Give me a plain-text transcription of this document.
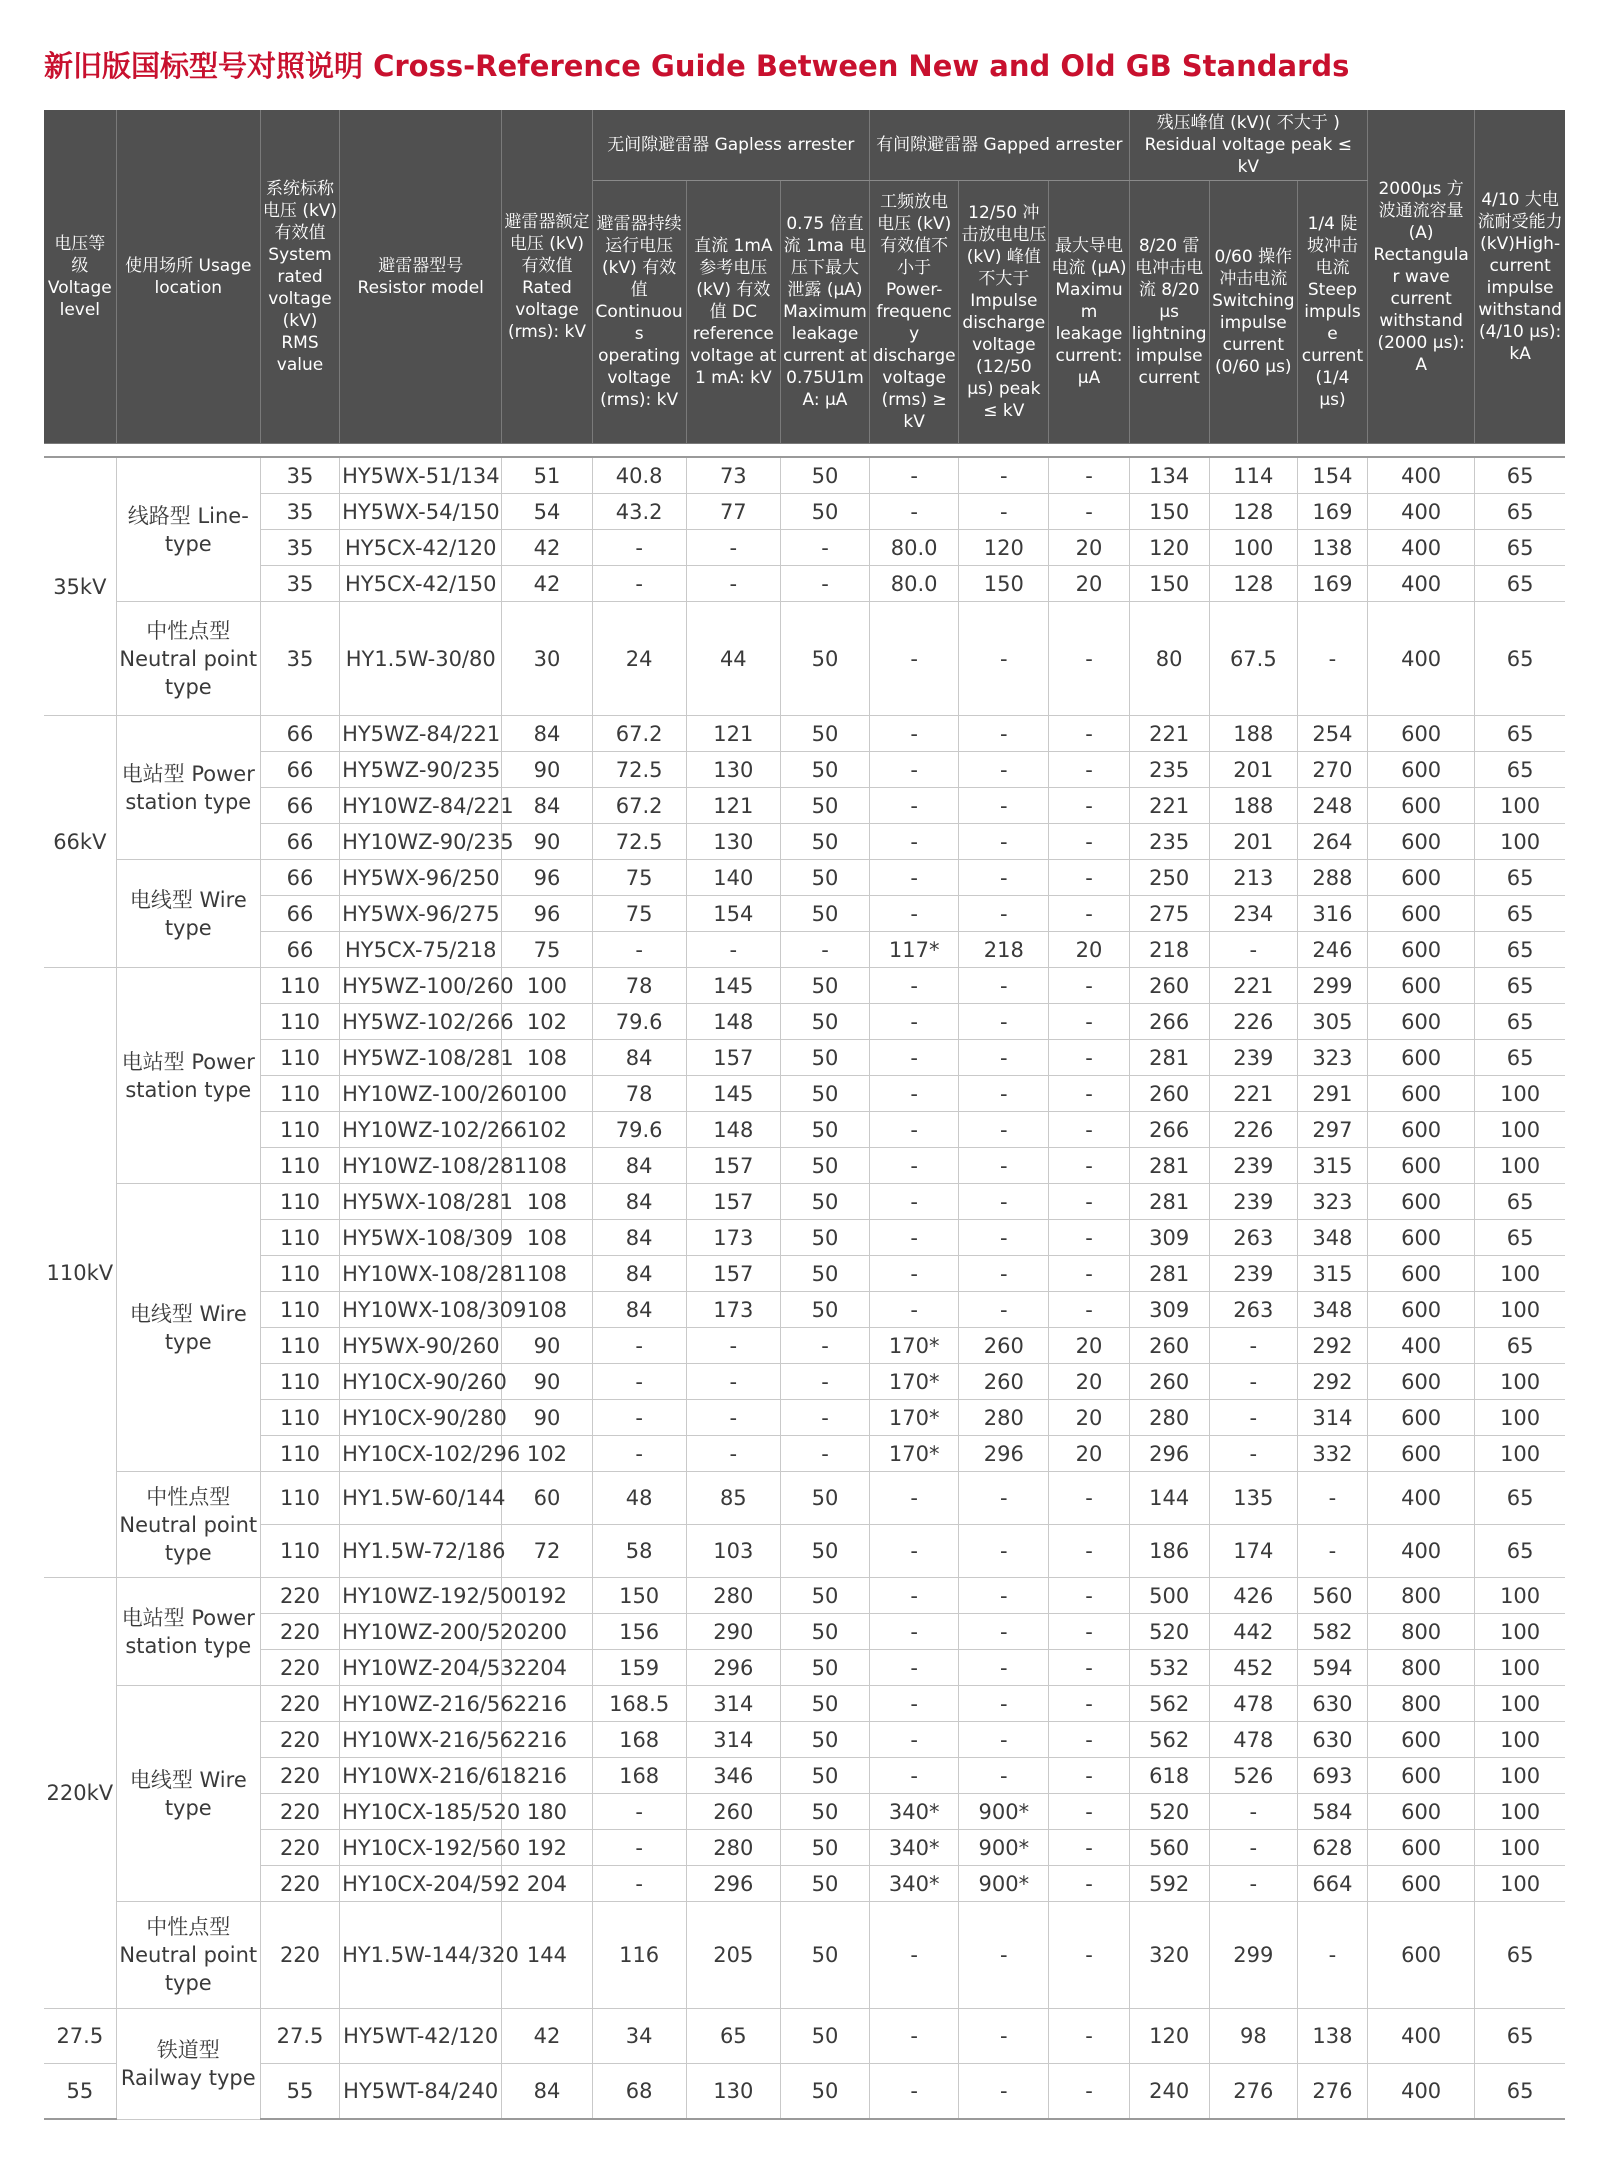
新旧版国标型号对照说明 Cross-Reference Guide Between New and Old GB Standards
电压等级 Voltage level	使用场所 Usage location	系统标称电压 (kV) 有效值 System rated voltage (kV) RMS value	避雷器型号 Resistor model	避雷器额定电压 (kV) 有效值 Rated voltage (rms): kV	无间隙避雷器 Gapless arrester			有间隙避雷器 Gapped arrester			残压峰值 (kV)( 不大于 ) Residual voltage peak ≤ kV			2000μs 方波通流容量 (A) Rectangular wave current withstand (2000 μs): A	4/10 大电流耐受能力 (kV)High-current impulse withstand (4/10 μs): kA
					避雷器持续运行电压 (kV) 有效值 Continuous operating voltage (rms): kV	直流 1mA 参考电压 (kV) 有效值 DC reference voltage at 1 mA: kV	0.75 倍直流 1ma 电压下最大泄露 (μA) Maximum leakage current at 0.75U1mA: μA	工频放电电压 (kV) 有效值不小于 Power-frequency discharge voltage (rms) ≥ kV	12/50 冲击放电电压 (kV) 峰值不大于 Impulse discharge voltage (12/50 μs) peak ≤ kV	最大导电电流 (μA) Maximum leakage current: μA	8/20 雷电冲击电流 8/20 μs lightning impulse current	0/60 操作冲击电流 Switching impulse current (0/60 μs)	1/4 陡坡冲击电流 Steep impulse current (1/4 μs)		

35kV	线路型 Line-type	35	HY5WX-51/134	51	40.8	73	50	-	-	-	134	114	154	400	65
		35	HY5WX-54/150	54	43.2	77	50	-	-	-	150	128	169	400	65
		35	HY5CX-42/120	42	-	-	-	80.0	120	20	120	100	138	400	65
		35	HY5CX-42/150	42	-	-	-	80.0	150	20	150	128	169	400	65
	中性点型 Neutral point type	35	HY1.5W-30/80	30	24	44	50	-	-	-	80	67.5	-	400	65
66kV	电站型 Power station type	66	HY5WZ-84/221	84	67.2	121	50	-	-	-	221	188	254	600	65
		66	HY5WZ-90/235	90	72.5	130	50	-	-	-	235	201	270	600	65
		66	HY10WZ-84/221	84	67.2	121	50	-	-	-	221	188	248	600	100
		66	HY10WZ-90/235	90	72.5	130	50	-	-	-	235	201	264	600	100
	电线型 Wire type	66	HY5WX-96/250	96	75	140	50	-	-	-	250	213	288	600	65
		66	HY5WX-96/275	96	75	154	50	-	-	-	275	234	316	600	65
		66	HY5CX-75/218	75	-	-	-	117*	218	20	218	-	246	600	65
110kV	电站型 Power station type	110	HY5WZ-100/260	100	78	145	50	-	-	-	260	221	299	600	65
		110	HY5WZ-102/266	102	79.6	148	50	-	-	-	266	226	305	600	65
		110	HY5WZ-108/281	108	84	157	50	-	-	-	281	239	323	600	65
		110	HY10WZ-100/260	100	78	145	50	-	-	-	260	221	291	600	100
		110	HY10WZ-102/266	102	79.6	148	50	-	-	-	266	226	297	600	100
		110	HY10WZ-108/281	108	84	157	50	-	-	-	281	239	315	600	100
	电线型 Wire type	110	HY5WX-108/281	108	84	157	50	-	-	-	281	239	323	600	65
		110	HY5WX-108/309	108	84	173	50	-	-	-	309	263	348	600	65
		110	HY10WX-108/281	108	84	157	50	-	-	-	281	239	315	600	100
		110	HY10WX-108/309	108	84	173	50	-	-	-	309	263	348	600	100
		110	HY5WX-90/260	90	-	-	-	170*	260	20	260	-	292	400	65
		110	HY10CX-90/260	90	-	-	-	170*	260	20	260	-	292	600	100
		110	HY10CX-90/280	90	-	-	-	170*	280	20	280	-	314	600	100
		110	HY10CX-102/296	102	-	-	-	170*	296	20	296	-	332	600	100
	中性点型 Neutral point type	110	HY1.5W-60/144	60	48	85	50	-	-	-	144	135	-	400	65
		110	HY1.5W-72/186	72	58	103	50	-	-	-	186	174	-	400	65
220kV	电站型 Power station type	220	HY10WZ-192/500	192	150	280	50	-	-	-	500	426	560	800	100
		220	HY10WZ-200/520	200	156	290	50	-	-	-	520	442	582	800	100
		220	HY10WZ-204/532	204	159	296	50	-	-	-	532	452	594	800	100
	电线型 Wire type	220	HY10WZ-216/562	216	168.5	314	50	-	-	-	562	478	630	800	100
		220	HY10WX-216/562	216	168	314	50	-	-	-	562	478	630	600	100
		220	HY10WX-216/618	216	168	346	50	-	-	-	618	526	693	600	100
		220	HY10CX-185/520	180	-	260	50	340*	900*	-	520	-	584	600	100
		220	HY10CX-192/560	192	-	280	50	340*	900*	-	560	-	628	600	100
		220	HY10CX-204/592	204	-	296	50	340*	900*	-	592	-	664	600	100
	中性点型 Neutral point type	220	HY1.5W-144/320	144	116	205	50	-	-	-	320	299	-	600	65
27.5	铁道型 Railway type	27.5	HY5WT-42/120	42	34	65	50	-	-	-	120	98	138	400	65
55		55	HY5WT-84/240	84	68	130	50	-	-	-	240	276	276	400	65
